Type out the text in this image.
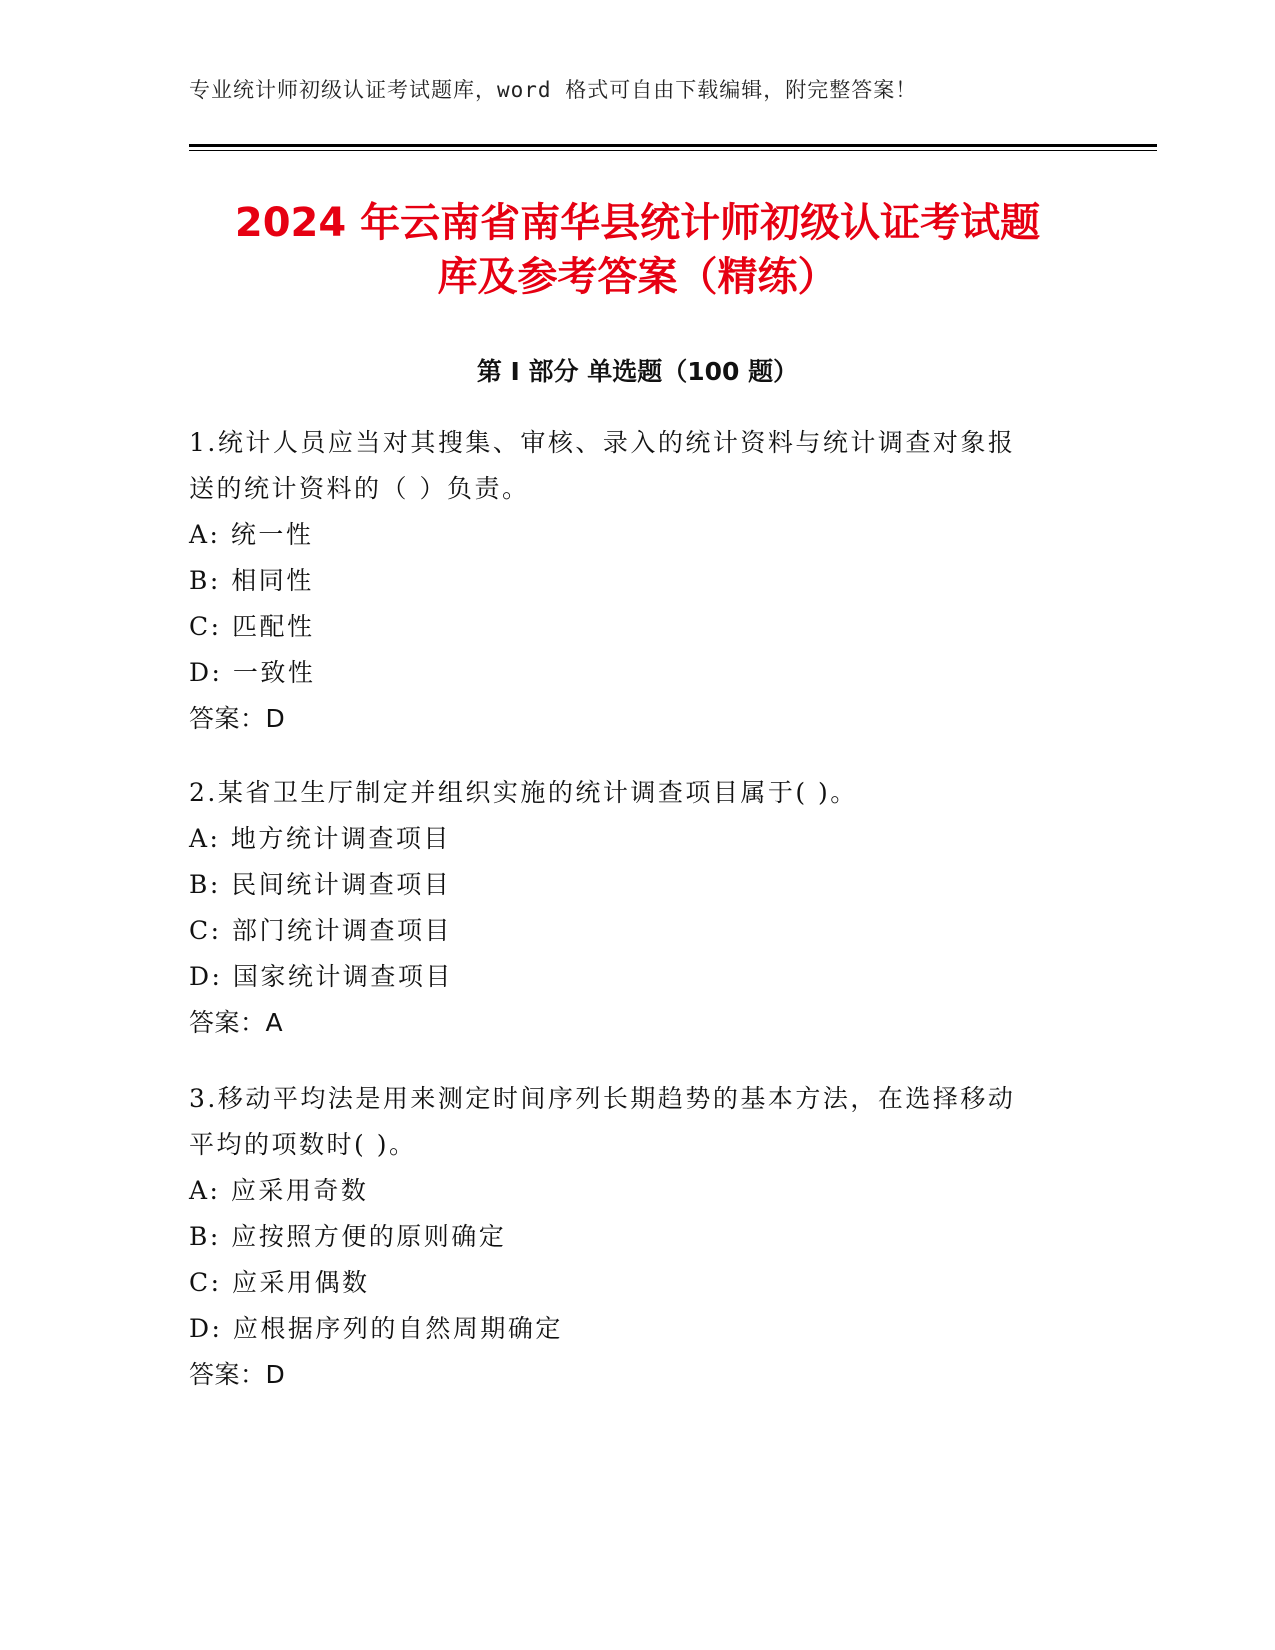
专业统计师初级认证考试题库，word 格式可自由下载编辑，附完整答案！
2024 年云南省南华县统计师初级认证考试题
库及参考答案（精练）
第 I 部分 单选题（100 题）

1.统计人员应当对其搜集、审核、录入的统计资料与统计调查对象报

送的统计资料的（ ）负责。

A: 统一性

B: 相同性

C: 匹配性

D: 一致性

答案：D

2.某省卫生厅制定并组织实施的统计调查项目属于( )。

A: 地方统计调查项目

B: 民间统计调查项目

C: 部门统计调查项目

D: 国家统计调查项目

答案：A

3.移动平均法是用来测定时间序列长期趋势的基本方法，在选择移动

平均的项数时( )。

A: 应采用奇数

B: 应按照方便的原则确定

C: 应采用偶数

D: 应根据序列的自然周期确定

答案：D
